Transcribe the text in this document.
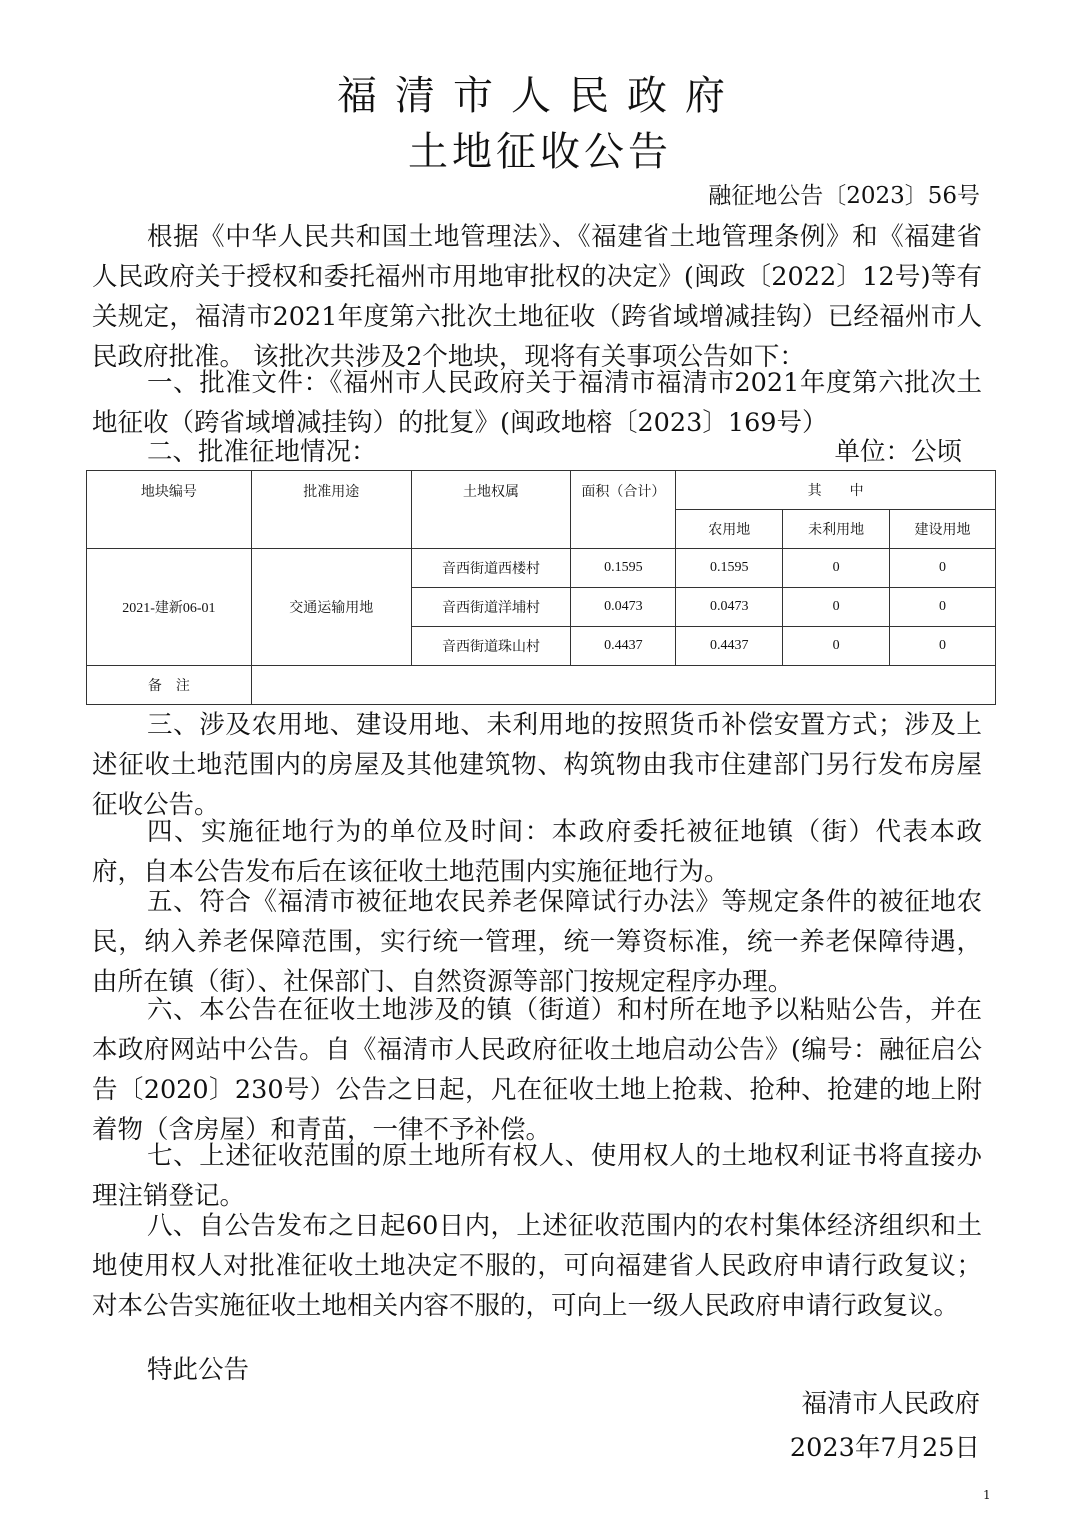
福清市人民政府
土地征收公告
融征地公告〔2023〕56号

根据《中华人民共和国土地管理法》、《福建省土地管理条例》和《福建省人民政府关于授权和委托福州市用地审批权的决定》(闽政〔2022〕12号)等有关规定，福清市2021年度第六批次土地征收（跨省域增减挂钩）已经福州市人民政府批准。 该批次共涉及2个地块，现将有关事项公告如下：

一、批准文件：《福州市人民政府关于福清市福清市2021年度第六批次土地征收（跨省域增减挂钩）的批复》(闽政地榕〔2023〕169号）

二、批准征地情况：	单位：公顷
地块编号	批准用途	土地权属	面积（合计）	其　　中		
				农用地	未利用地	建设用地
2021-建新06-01	交通运输用地	音西街道西楼村	0.1595	0.1595	0	0
		音西街道洋埔村	0.0473	0.0473	0	0
		音西街道珠山村	0.4437	0.4437	0	0
备　注						

三、涉及农用地、建设用地、未利用地的按照货币补偿安置方式；涉及上述征收土地范围内的房屋及其他建筑物、构筑物由我市住建部门另行发布房屋征收公告。

四、实施征地行为的单位及时间：本政府委托被征地镇（街）代表本政府，自本公告发布后在该征收土地范围内实施征地行为。

五、符合《福清市被征地农民养老保障试行办法》等规定条件的被征地农民，纳入养老保障范围，实行统一管理，统一筹资标准，统一养老保障待遇，由所在镇（街）、社保部门、自然资源等部门按规定程序办理。

六、本公告在征收土地涉及的镇（街道）和村所在地予以粘贴公告，并在本政府网站中公告。自《福清市人民政府征收土地启动公告》(编号：融征启公告〔2020〕230号）公告之日起，凡在征收土地上抢栽、抢种、抢建的地上附着物（含房屋）和青苗，一律不予补偿。

七、上述征收范围的原土地所有权人、使用权人的土地权利证书将直接办理注销登记。

八、自公告发布之日起60日内，上述征收范围内的农村集体经济组织和土地使用权人对批准征收土地决定不服的，可向福建省人民政府申请行政复议；对本公告实施征收土地相关内容不服的，可向上一级人民政府申请行政复议。

特此公告

福清市人民政府
2023年7月25日
1
